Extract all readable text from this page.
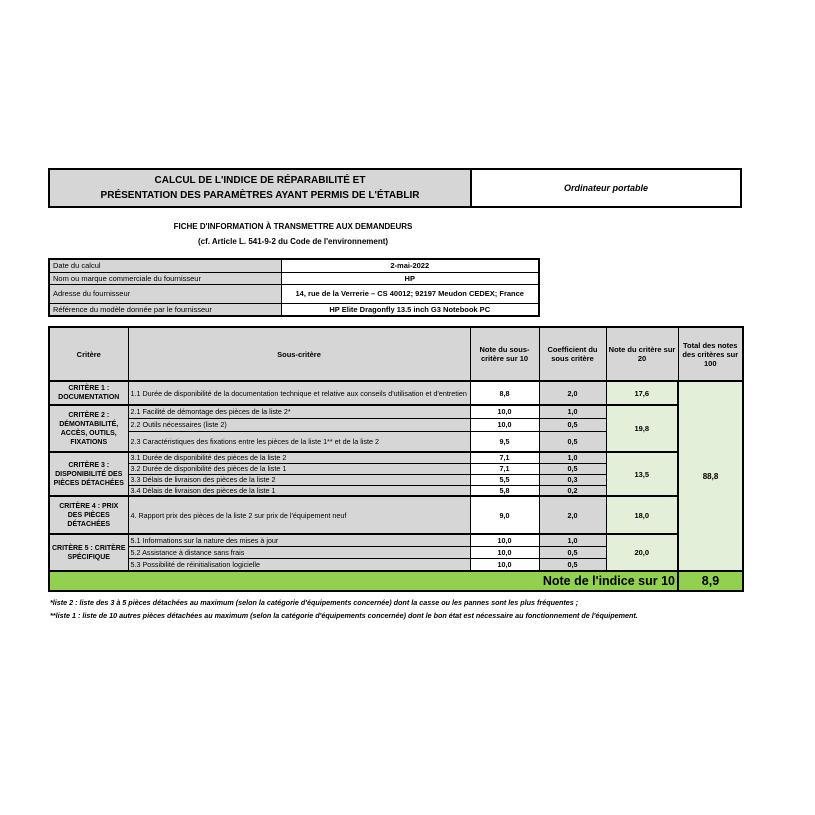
CALCUL DE L'INDICE DE RÉPARABILITÉ ET
PRÉSENTATION DES PARAMÈTRES AYANT PERMIS DE L'ÉTABLIR
Ordinateur portable
FICHE D'INFORMATION À TRANSMETTRE AUX DEMANDEURS
(cf. Article L. 541-9-2 du Code de l'environnement)
Date du calcul	2-mai-2022
Nom ou marque commerciale du fournisseur	HP
Adresse du fournisseur	14, rue de la Verrerie – CS 40012; 92197 Meudon CEDEX; France
Référence du modèle donnée par le fournisseur	HP Elite Dragonfly 13.5 inch G3 Notebook PC
Critère	Sous-critère	Note du sous-critère sur 10	Coefficient du sous critère	Note du critère sur 20	Total des notes des critères sur 100
CRITÈRE 1 : DOCUMENTATION	1.1 Durée de disponibilité de la documentation technique et relative aux conseils d'utilisation et d'entretien	8,8	2,0	17,6	88,8
CRITÈRE 2 : DÉMONTABILITÉ, ACCÈS, OUTILS, FIXATIONS	2.1 Facilité de démontage des pièces de la liste 2*	10,0	1,0	19,8	
	2.2 Outils nécessaires (liste 2)	10,0	0,5		
	2.3 Caractéristiques des fixations entre les pièces de la liste 1** et de la liste 2	9,5	0,5		
CRITÈRE 3 : DISPONIBILITÉ DES PIÈCES DÉTACHÉES	3.1 Durée de disponibilité des pièces de la liste 2	7,1	1,0	13,5	
	3.2 Durée de disponibilité des pièces de la liste 1	7,1	0,5		
	3.3 Délais de livraison des pièces de la liste 2	5,5	0,3		
	3.4 Délais de livraison des pièces de la liste 1	5,8	0,2		
CRITÈRE 4 : PRIX DES PIÈCES DÉTACHÉES	4. Rapport prix des pièces de la liste 2 sur prix de l'équipement neuf	9,0	2,0	18,0	
CRITÈRE 5 : CRITÈRE SPÉCIFIQUE	5.1 Informations sur la nature des mises à jour	10,0	1,0	20,0	
	5.2 Assistance à distance sans frais	10,0	0,5		
	5.3 Possibilité de réinitialisation logicielle	10,0	0,5		
Note de l'indice sur 10					8,9
*liste 2 : liste des 3 à 5 pièces détachées au maximum (selon la catégorie d'équipements concernée) dont la casse ou les pannes sont les plus fréquentes ;
**liste 1 : liste de 10 autres pièces détachées au maximum (selon la catégorie d'équipements concernée) dont le bon état est nécessaire au fonctionnement de l'équipement.
